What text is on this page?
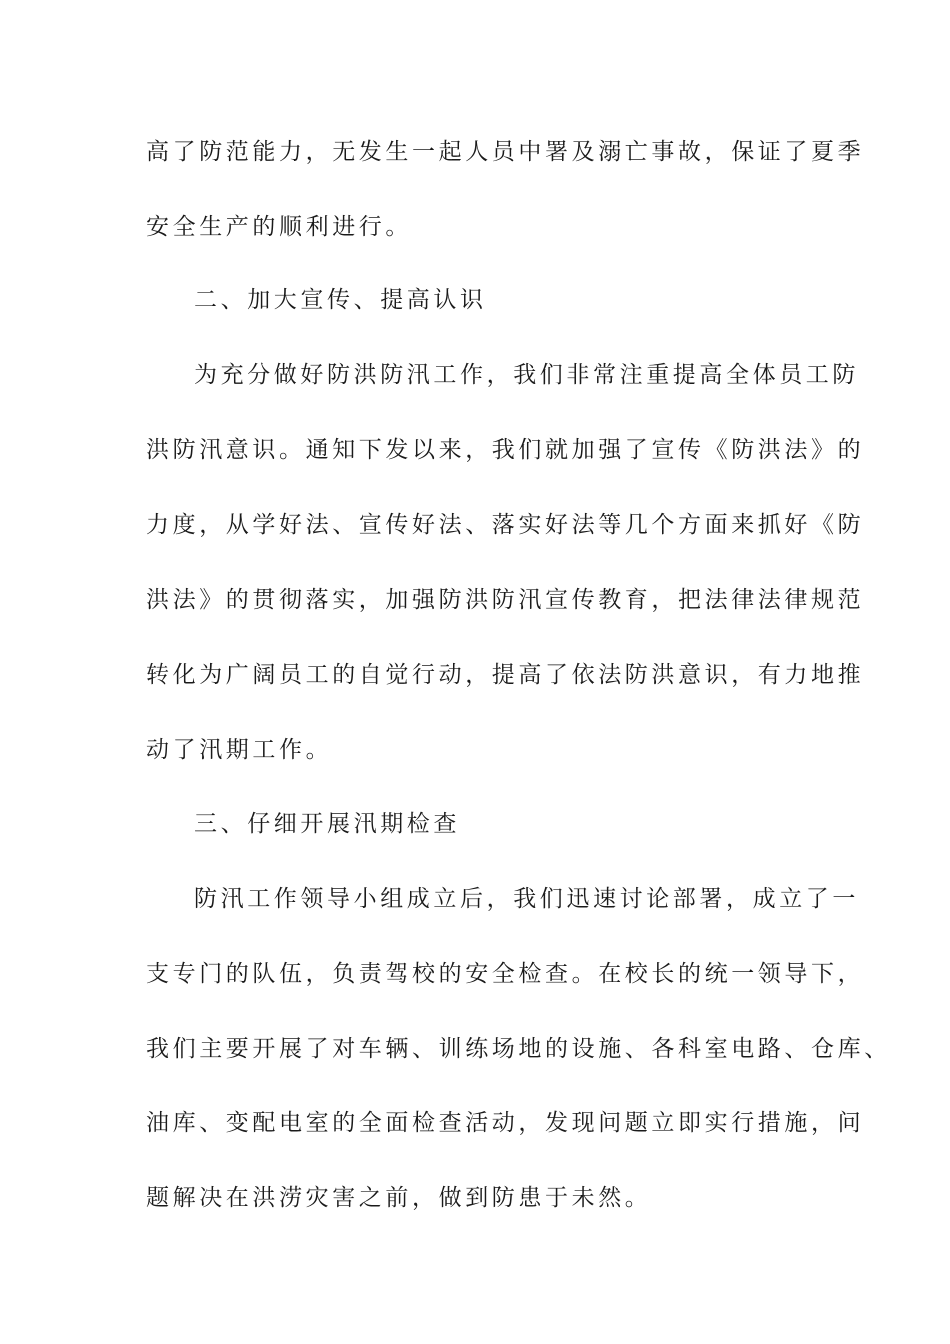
高了防范能力，无发生一起人员中署及溺亡事故，保证了夏季
安全生产的顺利进行。
二、加大宣传、提高认识
为充分做好防洪防汛工作，我们非常注重提高全体员工防
洪防汛意识。通知下发以来，我们就加强了宣传《防洪法》的
力度，从学好法、宣传好法、落实好法等几个方面来抓好《防
洪法》的贯彻落实，加强防洪防汛宣传教育，把法律法律规范
转化为广阔员工的自觉行动，提高了依法防洪意识，有力地推
动了汛期工作。
三、仔细开展汛期检查
防汛工作领导小组成立后，我们迅速讨论部署，成立了一
支专门的队伍，负责驾校的安全检查。在校长的统一领导下，
我们主要开展了对车辆、训练场地的设施、各科室电路、仓库、
油库、变配电室的全面检查活动，发现问题立即实行措施，问
题解决在洪涝灾害之前，做到防患于未然。
